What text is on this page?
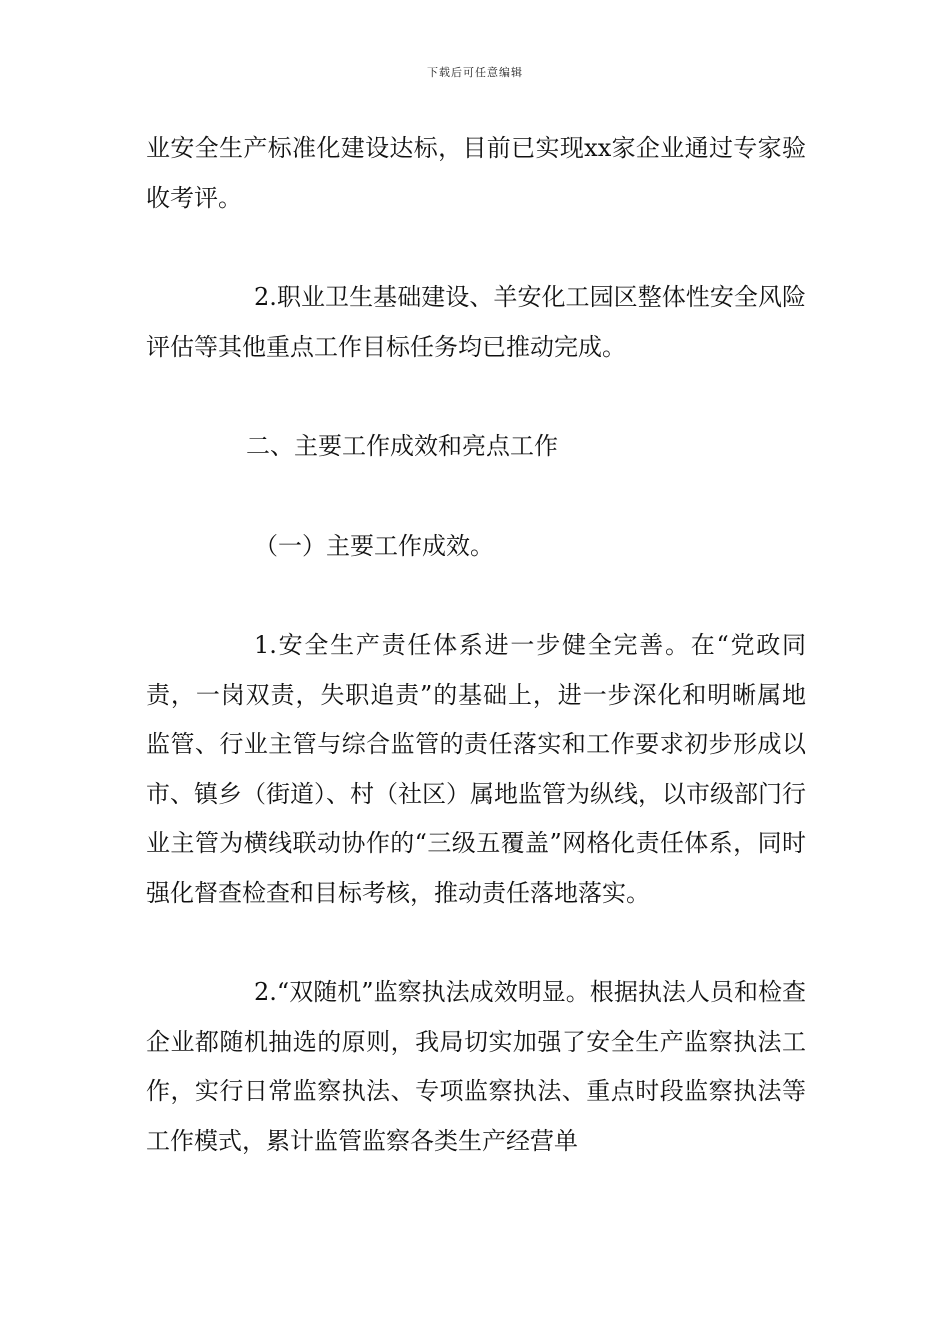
下载后可任意编辑

业安全生产标准化建设达标，目前已实现xx家企业通过专家验收考评。

2.职业卫生基础建设、羊安化工园区整体性安全风险评估等其他重点工作目标任务均已推动完成。

二、主要工作成效和亮点工作

（一）主要工作成效。

1.安全生产责任体系进一步健全完善。在“党政同责，一岗双责，失职追责”的基础上，进一步深化和明晰属地监管、行业主管与综合监管的责任落实和工作要求初步形成以市、镇乡（街道）、村（社区）属地监管为纵线，以市级部门行业主管为横线联动协作的“三级五覆盖”网格化责任体系，同时强化督查检查和目标考核，推动责任落地落实。

2.“双随机”监察执法成效明显。根据执法人员和检查企业都随机抽选的原则，我局切实加强了安全生产监察执法工作，实行日常监察执法、专项监察执法、重点时段监察执法等工作模式，累计监管监察各类生产经营单
